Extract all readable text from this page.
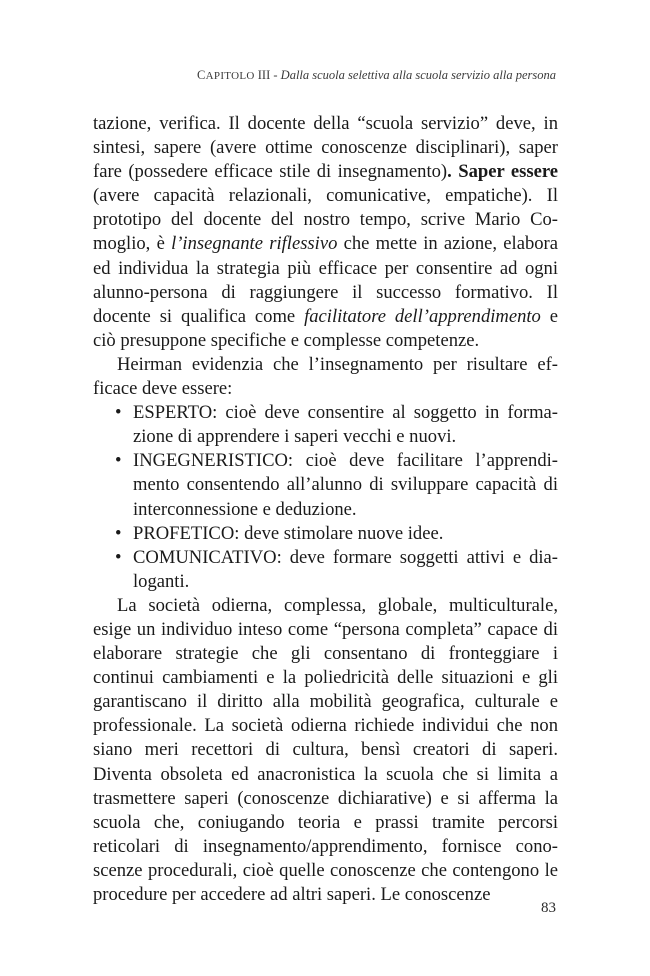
CAPITOLO III - Dalla scuola selettiva alla scuola servizio alla persona

tazione, verifica. Il docente della “scuola servizio” deve, in sintesi, sapere (avere ottime conoscenze disciplinari), saper fare (possedere efficace stile di insegnamento). Saper essere (avere capacità relazionali, comunicative, empatiche). Il prototipo del docente del nostro tempo, scrive Mario Comoglio, è l’insegnante riflessivo che mette in azione, elabora ed individua la strategia più efficace per consentire ad ogni alunno-persona di raggiungere il successo formativo. Il docente si qualifica come facilitatore dell’apprendimento e ciò presuppone specifiche e complesse competenze.

Heirman evidenzia che l’insegnamento per risultare efficace deve essere:

• ESPERTO: cioè deve consentire al soggetto in formazione di apprendere i saperi vecchi e nuovi.
• INGEGNERISTICO: cioè deve facilitare l’apprendimento consentendo all’alunno di sviluppare capacità di interconnessione e deduzione.
• PROFETICO: deve stimolare nuove idee.
• COMUNICATIVO: deve formare soggetti attivi e dialoganti.

La società odierna, complessa, globale, multiculturale, esige un individuo inteso come “persona completa” capace di elaborare strategie che gli consentano di fronteggiare i continui cambiamenti e la poliedricità delle situazioni e gli garantiscano il diritto alla mobilità geografica, culturale e professionale. La società odierna richiede individui che non siano meri recettori di cultura, bensì creatori di saperi. Diventa obsoleta ed anacronistica la scuola che si limita a trasmettere saperi (conoscenze dichiarative) e si afferma la scuola che, coniugando teoria e prassi tramite percorsi reticolari di insegnamento/apprendimento, fornisce conoscenze procedurali, cioè quelle conoscenze che contengono le procedure per accedere ad altri saperi. Le conoscenze

83
